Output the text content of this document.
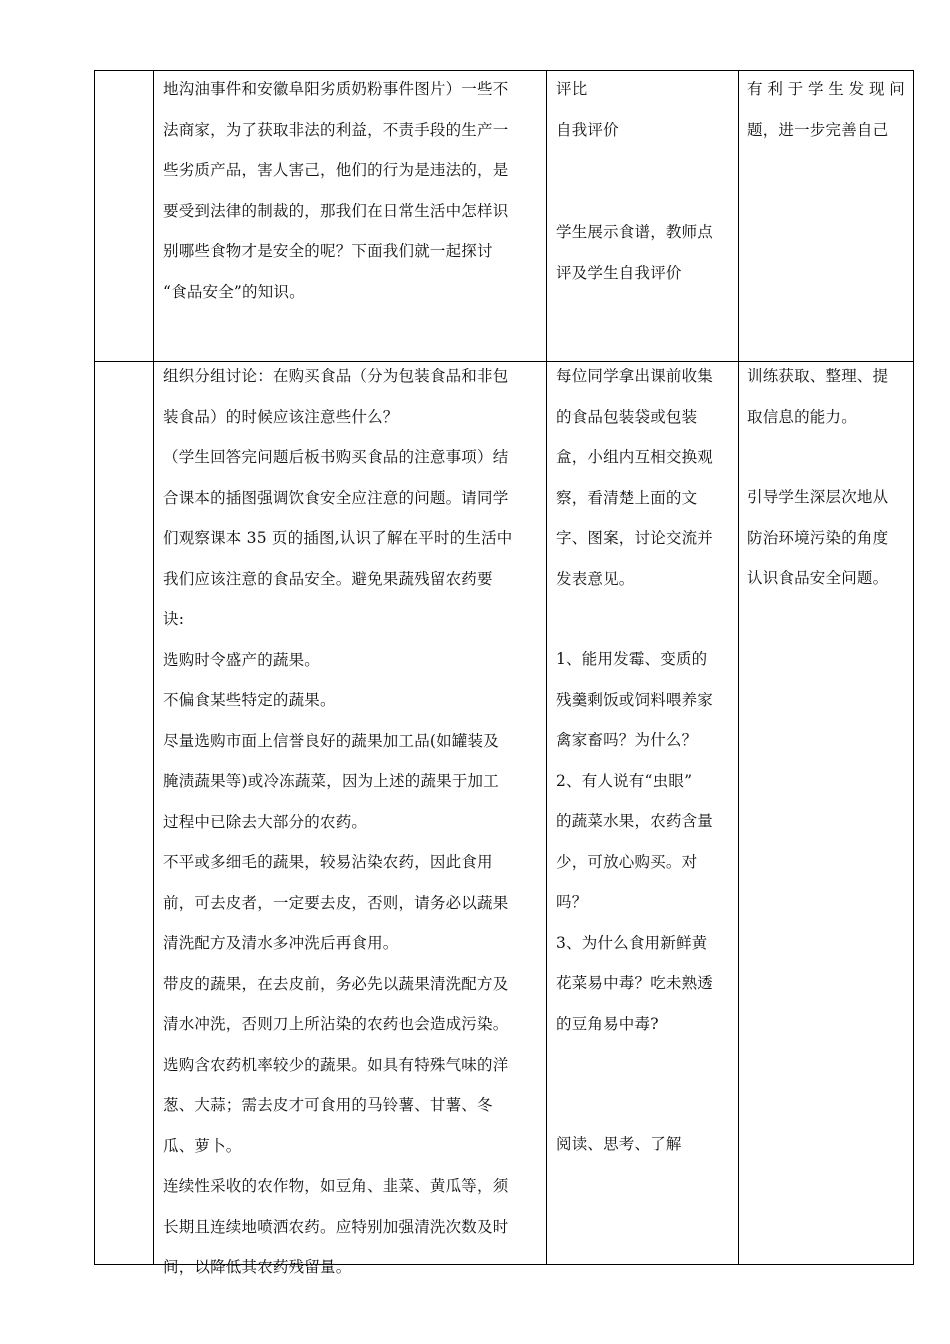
地沟油事件和安徽阜阳劣质奶粉事件图片）一些不

法商家，为了获取非法的利益，不责手段的生产一

些劣质产品，害人害己，他们的行为是违法的，是

要受到法律的制裁的，那我们在日常生活中怎样识

别哪些食物才是安全的呢？下面我们就一起探讨

“食品安全”的知识。

评比

自我评价

学生展示食谱，教师点

评及学生自我评价

有利于学生发现问

题，进一步完善自己

组织分组讨论：在购买食品（分为包装食品和非包

装食品）的时候应该注意些什么？

（学生回答完问题后板书购买食品的注意事项）结

合课本的插图强调饮食安全应注意的问题。请同学

们观察课本 35 页的插图,认识了解在平时的生活中

我们应该注意的食品安全。避免果蔬残留农药要

诀:

选购时令盛产的蔬果。

不偏食某些特定的蔬果。

尽量选购市面上信誉良好的蔬果加工品(如罐装及

腌渍蔬果等)或冷冻蔬菜，因为上述的蔬果于加工

过程中已除去大部分的农药。

不平或多细毛的蔬果，较易沾染农药，因此食用

前，可去皮者，一定要去皮，否则，请务必以蔬果

清洗配方及清水多冲洗后再食用。

带皮的蔬果，在去皮前，务必先以蔬果清洗配方及

清水冲洗，否则刀上所沾染的农药也会造成污染。

选购含农药机率较少的蔬果。如具有特殊气味的洋

葱、大蒜；需去皮才可食用的马铃薯、甘薯、冬

瓜、萝卜。

连续性采收的农作物，如豆角、韭菜、黄瓜等，须

长期且连续地喷洒农药。应特别加强清洗次数及时

间，以降低其农药残留量。

每位同学拿出课前收集

的食品包装袋或包装

盒，小组内互相交换观

察，看清楚上面的文

字、图案，讨论交流并

发表意见。

1、能用发霉、变质的

残羹剩饭或饲料喂养家

禽家畜吗？为什么？

2、有人说有“虫眼”

的蔬菜水果，农药含量

少，可放心购买。对

吗？

3、为什么食用新鲜黄

花菜易中毒？吃未熟透

的豆角易中毒?

阅读、思考、了解

训练获取、整理、提

取信息的能力。

引导学生深层次地从

防治环境污染的角度

认识食品安全问题。
